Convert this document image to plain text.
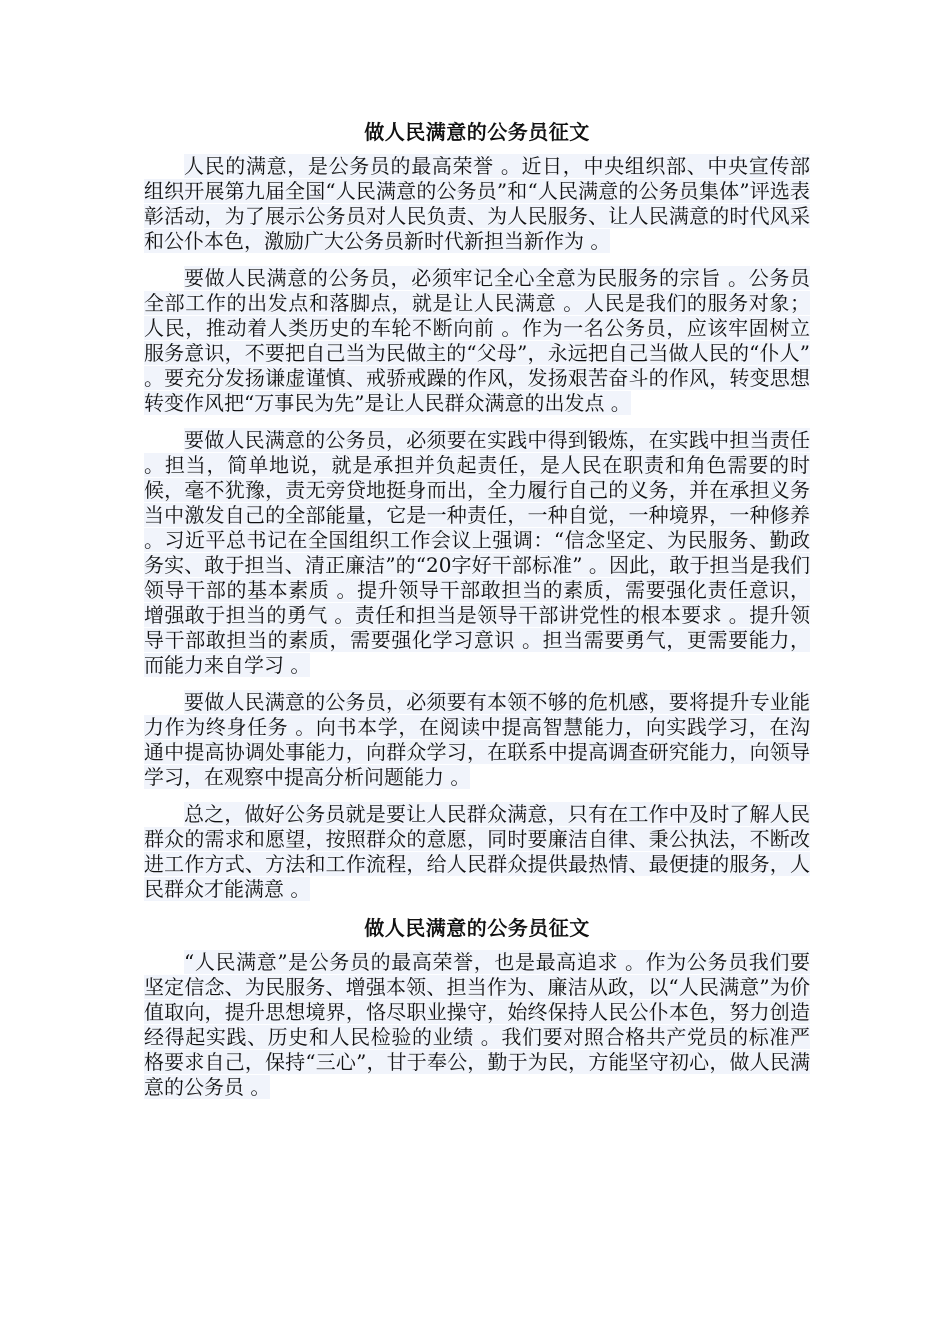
做人民满意的公务员征文

人民的满意，是公务员的最高荣誉 。近日，中央组织部、中央宣传部组织开展第九届全国“人民满意的公务员”和“人民满意的公务员集体”评选表彰活动，为了展示公务员对人民负责、为人民服务、让人民满意的时代风采和公仆本色，激励广大公务员新时代新担当新作为 。

要做人民满意的公务员，必须牢记全心全意为民服务的宗旨 。公务员全部工作的出发点和落脚点，就是让人民满意 。人民是我们的服务对象；人民，推动着人类历史的车轮不断向前 。作为一名公务员，应该牢固树立服务意识，不要把自己当为民做主的“父母”，永远把自己当做人民的“仆人” 。要充分发扬谦虚谨慎、戒骄戒躁的作风，发扬艰苦奋斗的作风，转变思想转变作风把“万事民为先”是让人民群众满意的出发点 。

要做人民满意的公务员，必须要在实践中得到锻炼，在实践中担当责任 。担当，简单地说，就是承担并负起责任，是人民在职责和角色需要的时候，毫不犹豫，责无旁贷地挺身而出，全力履行自己的义务，并在承担义务当中激发自己的全部能量，它是一种责任，一种自觉，一种境界，一种修养 。习近平总书记在全国组织工作会议上强调：“信念坚定、为民服务、勤政务实、敢于担当、清正廉洁”的“20字好干部标准” 。因此，敢于担当是我们领导干部的基本素质 。提升领导干部敢担当的素质，需要强化责任意识，增强敢于担当的勇气 。责任和担当是领导干部讲党性的根本要求 。提升领导干部敢担当的素质，需要强化学习意识 。担当需要勇气，更需要能力，而能力来自学习 。

要做人民满意的公务员，必须要有本领不够的危机感，要将提升专业能力作为终身任务 。向书本学，在阅读中提高智慧能力，向实践学习，在沟通中提高协调处事能力，向群众学习，在联系中提高调查研究能力，向领导学习，在观察中提高分析问题能力 。

总之，做好公务员就是要让人民群众满意，只有在工作中及时了解人民群众的需求和愿望，按照群众的意愿，同时要廉洁自律、秉公执法，不断改进工作方式、方法和工作流程，给人民群众提供最热情、最便捷的服务，人民群众才能满意 。

做人民满意的公务员征文

“人民满意”是公务员的最高荣誉，也是最高追求 。作为公务员我们要坚定信念、为民服务、增强本领、担当作为、廉洁从政，以“人民满意”为价值取向，提升思想境界，恪尽职业操守，始终保持人民公仆本色，努力创造经得起实践、历史和人民检验的业绩 。我们要对照合格共产党员的标准严格要求自己，保持“三心”，甘于奉公，勤于为民，方能坚守初心，做人民满意的公务员 。
